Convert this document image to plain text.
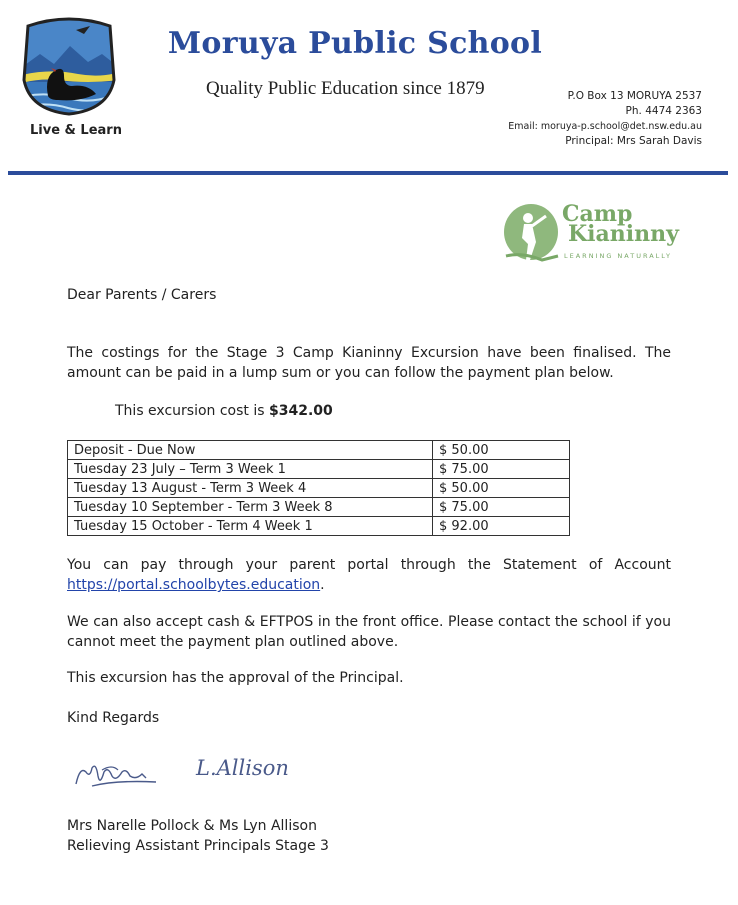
Live & Learn
Moruya Public School
Quality Public Education since 1879	P.O Box 13 MORUYA 2537
Ph. 4474 2363
Email: moruya-p.school@det.nsw.edu.au
Principal: Mrs Sarah Davis
Camp
Kianinny
LEARNING NATURALLY
Dear Parents / Carers
The costings for the Stage 3 Camp Kianinny Excursion have been finalised. The amount can be paid in a lump sum or you can follow the payment plan below.
This excursion cost is $342.00
Deposit - Due Now	$ 50.00
Tuesday 23 July – Term 3 Week 1	$ 75.00
Tuesday 13 August - Term 3 Week 4	$ 50.00
Tuesday 10 September - Term 3 Week 8	$ 75.00
Tuesday 15 October - Term 4 Week 1	$ 92.00
You can pay through your parent portal through the Statement of Account
https://portal.schoolbytes.education.
We can also accept cash & EFTPOS in the front office. Please contact the school if you cannot meet the payment plan outlined above.
This excursion has the approval of the Principal.
Kind Regards
L.Allison
Mrs Narelle Pollock & Ms Lyn Allison
Relieving Assistant Principals Stage 3
